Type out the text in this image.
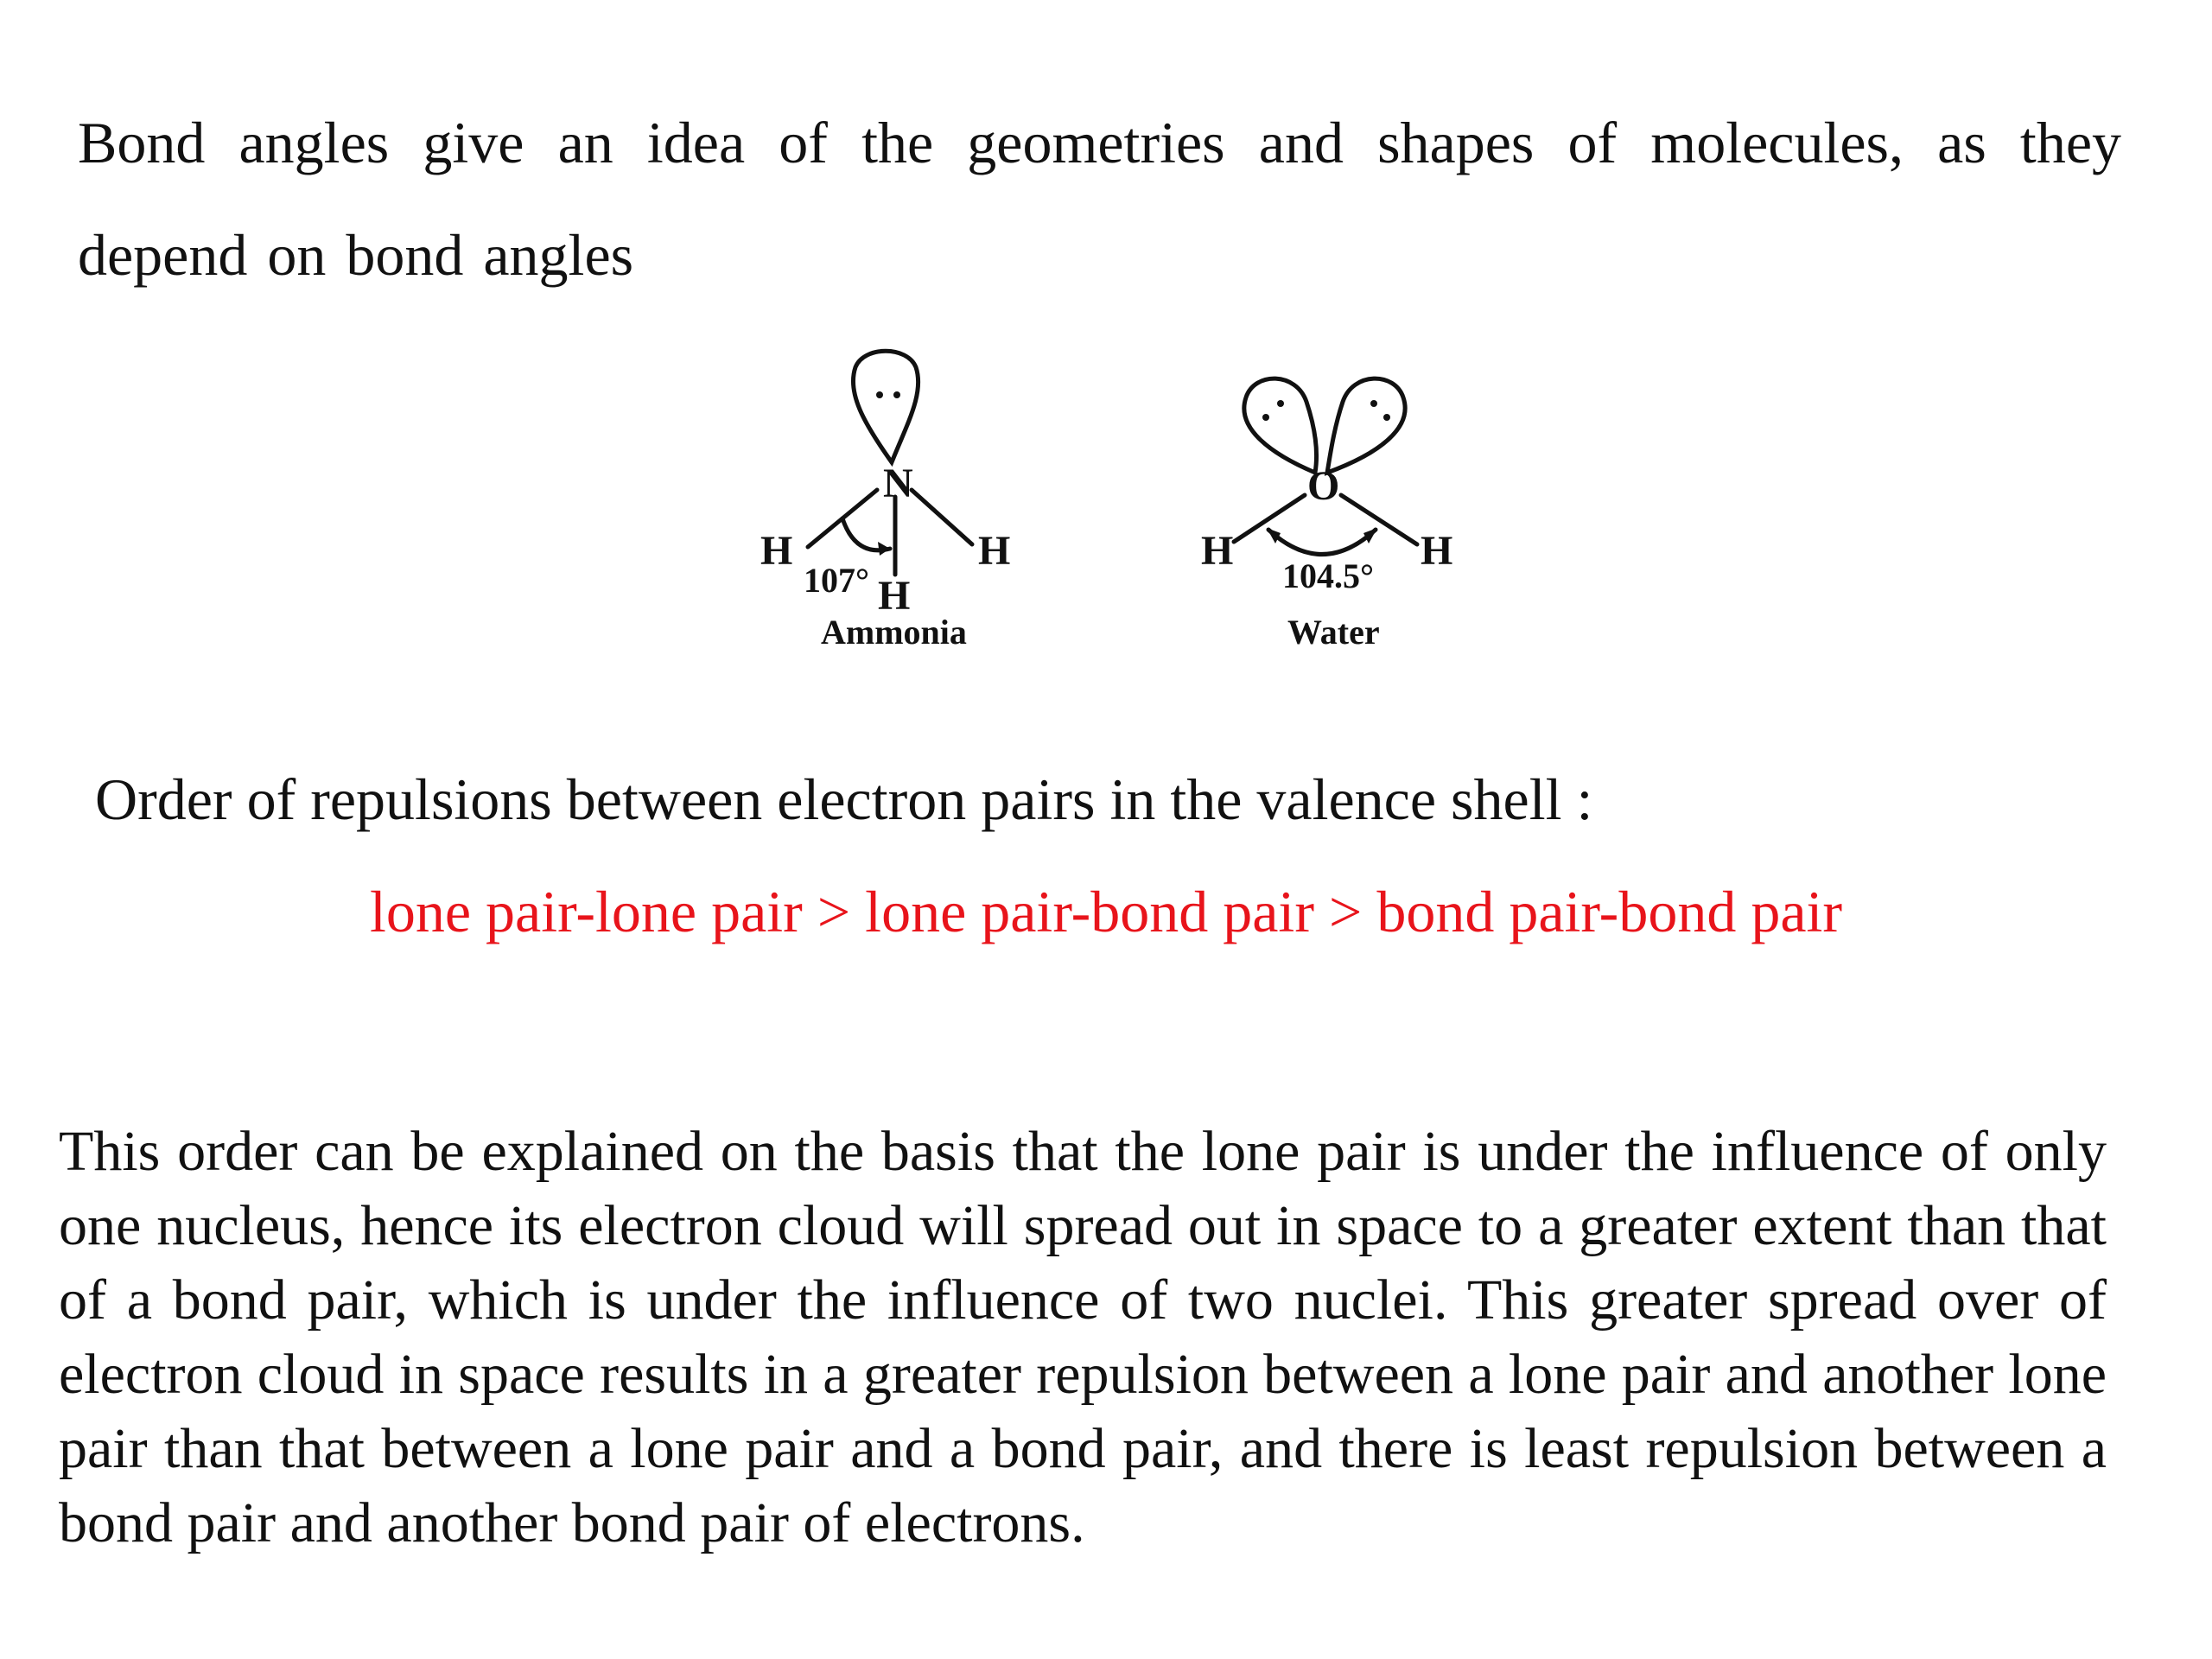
Bond angles give an idea of the geometries and shapes of molecules, as they depend on bond angles

N
H	H
H
107°
Ammonia
O
H	H
104.5°
Water

Order of repulsions between electron pairs in the valence shell :

lone pair-lone pair > lone pair-bond pair > bond pair-bond pair

This order can be explained on the basis that the lone pair is under the influence of only one nucleus, hence its electron cloud will spread out in space to a greater extent than that of a bond pair, which is under the influence of two nuclei. This greater spread over of electron cloud in space results in a greater repulsion between a lone pair and another lone pair than that between a lone pair and a bond pair, and there is least repulsion between a bond pair and another bond pair of electrons.
